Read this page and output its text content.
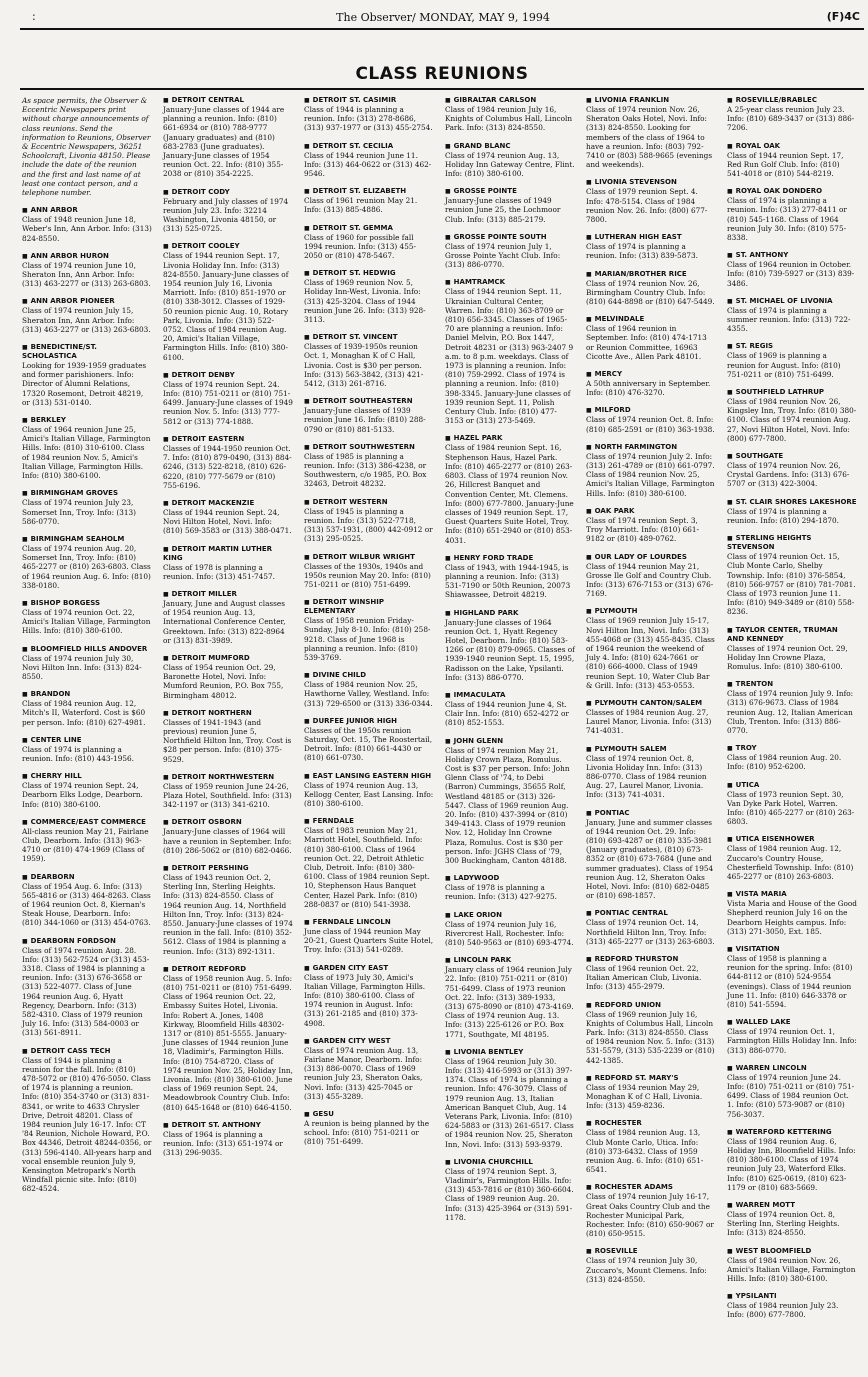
:	The Observer/ MONDAY, MAY 9, 1994	(F)4C
CLASS REUNIONS
As space permits, the Observer & Eccentric Newspapers print without charge announcements of class reunions. Send the information to Reunions, Observer & Eccentric Newspapers, 36251 Schoolcraft, Livonia 48150. Please include the date of the reunion and the first and last name of at least one contact person, and a telephone number.
■ ANN ARBOR
Class of 1948 reunion June 18, Weber's Inn, Ann Arbor. Info: (313) 824-8550.
■ ANN ARBOR HURON
Class of 1974 reunion June 10, Sheraton Inn, Ann Arbor. Info: (313) 463-2277 or (313) 263-6803.
■ ANN ARBOR PIONEER
Class of 1974 reunion July 15, Sheraton Inn, Ann Arbor. Info: (313) 463-2277 or (313) 263-6803.
■ BENEDICTINE/ST. SCHOLASTICA
Looking for 1939-1959 graduates and former parishioners. Info: Director of Alumni Relations, 17320 Rosemont, Detroit 48219, or (313) 531-0140.
■ BERKLEY
Class of 1964 reunion June 25, Amici's Italian Village, Farmington Hills. Info: (810) 310-6100. Class of 1984 reunion Nov. 5, Amici's Italian Village, Farmington Hills. Info: (810) 380-6100.
■ BIRMINGHAM GROVES
Class of 1974 reunion July 23, Somerset Inn, Troy. Info: (313) 586-0770.
■ BIRMINGHAM SEAHOLM
Class of 1974 reunion Aug. 20, Somerset Inn, Troy. Info: (810) 465-2277 or (810) 263-6803. Class of 1964 reunion Aug. 6. Info: (810) 338-0180.
■ BISHOP BORGESS
Class of 1974 reunion Oct. 22, Amici's Italian Village, Farmington Hills. Info: (810) 380-6100.
■ BLOOMFIELD HILLS ANDOVER
Class of 1974 reunion July 30, Novi Hilton Inn. Info: (313) 824-8550.
■ BRANDON
Class of 1984 reunion Aug. 12, Mitch's II, Waterford. Cost is $60 per person. Info: (810) 627-4981.
■ CENTER LINE
Class of 1974 is planning a reunion. Info: (810) 443-1956.
■ CHERRY HILL
Class of 1974 reunion Sept. 24, Dearborn Elks Lodge, Dearborn. Info: (810) 380-6100.
■ COMMERCE/EAST COMMERCE
All-class reunion May 21, Fairlane Club, Dearborn. Info: (313) 963-4710 or (810) 474-1969 (Class of 1959).
■ DEARBORN
Class of 1954 Aug. 6. Info: (313) 565-4816 or (313) 464-8263. Class of 1964 reunion Oct. 8, Kiernan's Steak House, Dearborn. Info: (810) 344-1060 or (313) 454-0763.
■ DEARBORN FORDSON
Class of 1974 reunion Aug. 28. Info: (313) 562-7524 or (313) 453-3318. Class of 1984 is planning a reunion. Info: (313) 676-3658 or (313) 522-4077. Class of June 1964 reunion Aug. 6, Hyatt Regency, Dearborn. Info: (313) 582-4310. Class of 1979 reunion July 16. Info: (313) 584-0003 or (313) 561-8911.
■ DETROIT CASS TECH
Class of 1944 is planning a reunion for the fall. Info: (810) 478-5072 or (810) 476-5050. Class of 1974 is planning a reunion. Info: (810) 354-3740 or (313) 831-8341, or write to 4633 Chrysler Drive, Detroit 48201. Class of 1984 reunion July 16-17. Info: CT '84 Reunion, Nichole Howard, P.O. Box 44346, Detroit 48244-0356, or (313) 596-4140. All-years harp and vocal ensemble reunion July 9, Kensington Metropark's North Windfall picnic site. Info: (810) 682-4524.
■ DETROIT CENTRAL
January-June classes of 1944 are planning a reunion. Info: (810) 661-6934 or (810) 788-9777 (January graduates) and (810) 683-2783 (June graduates). January-June classes of 1954 reunion Oct. 22. Info: (810) 355-2038 or (810) 354-2225.
■ DETROIT CODY
February and July classes of 1974 reunion July 23. Info: 32214 Washington, Livonia 48150, or (313) 525-0725.
■ DETROIT COOLEY
Class of 1944 reunion Sept. 17, Livonia Holiday Inn. Info: (313) 824-8550. January-June classes of 1954 reunion July 16, Livonia Marriott. Info: (810) 851-1970 or (810) 338-3012. Classes of 1929-50 reunion picnic Aug. 10, Rotary Park, Livonia. Info: (313) 522-0752. Class of 1984 reunion Aug. 20, Amici's Italian Village, Farmington Hills. Info: (810) 380-6100.
■ DETROIT DENBY
Class of 1974 reunion Sept. 24. Info: (810) 751-0211 or (810) 751-6499. January-June classes of 1949 reunion Nov. 5. Info: (313) 777-5812 or (313) 774-1888.
■ DETROIT EASTERN
Classes of 1944-1950 reunion Oct. 7. Info: (810) 879-0490, (313) 884-6246, (313) 522-8218, (810) 626-6220, (810) 777-5679 or (810) 755-6196.
■ DETROIT MACKENZIE
Class of 1944 reunion Sept. 24, Novi Hilton Hotel, Novi. Info: (810) 569-3583 or (313) 388-0471.
■ DETROIT MARTIN LUTHER KING
Class of 1978 is planning a reunion. Info: (313) 451-7457.
■ DETROIT MILLER
January, June and August classes of 1954 reunion Aug. 13, International Conference Center, Greektown. Info: (313) 822-8964 or (313) 831-3989.
■ DETROIT MUMFORD
Class of 1954 reunion Oct. 29, Baronette Hotel, Novi. Info: Mumford Reunion, P.O. Box 755, Birmingham 48012.
■ DETROIT NORTHERN
Classes of 1941-1943 (and previous) reunion June 5, Northfield Hilton Inn, Troy. Cost is $28 per person. Info: (810) 375-9529.
■ DETROIT NORTHWESTERN
Class of 1959 reunion June 24-26, Plaza Hotel, Southfield. Info: (313) 342-1197 or (313) 341-6210.
■ DETROIT OSBORN
January-June classes of 1964 will have a reunion in September. Info: (810) 286-5062 or (810) 682-0466.
■ DETROIT PERSHING
Class of 1943 reunion Oct. 2, Sterling Inn, Sterling Heights. Info: (313) 824-8550. Class of 1964 reunion Aug. 14, Northfield Hilton Inn, Troy. Info: (313) 824-8550. January-June classes of 1974 reunion in the fall. Info: (810) 352-5612. Class of 1984 is planning a reunion. Info: (313) 892-1311.
■ DETROIT REDFORD
Class of 1958 reunion Aug. 5. Info: (810) 751-0211 or (810) 751-6499. Class of 1964 reunion Oct. 22, Embassy Suites Hotel, Livonia. Info: Robert A. Jones, 1408 Kirkway, Bloomfield Hills 48302-1317 or (810) 851-5555. January-June classes of 1944 reunion June 18, Vladimir's, Farmington Hills. Info: (810) 754-8720. Class of 1974 reunion Nov. 25, Holiday Inn, Livonia. Info: (810) 380-6100. June class of 1969 reunion Sept. 24, Meadowbrook Country Club. Info: (810) 645-1648 or (810) 646-4150.
■ DETROIT ST. ANTHONY
Class of 1964 is planning a reunion. Info: (313) 651-1974 or (313) 296-9035.
■ DETROIT ST. CASIMIR
Class of 1944 is planning a reunion. Info: (313) 278-8686, (313) 937-1977 or (313) 455-2754.
■ DETROIT ST. CECILIA
Class of 1944 reunion June 11. Info: (313) 464-0622 or (313) 462-9546.
■ DETROIT ST. ELIZABETH
Class of 1961 reunion May 21. Info: (313) 885-4886.
■ DETROIT ST. GEMMA
Class of 1960 for possible fall 1994 reunion. Info: (313) 455-2050 or (810) 478-5467.
■ DETROIT ST. HEDWIG
Class of 1969 reunion Nov. 5, Holiday Inn-West, Livonia. Info: (313) 425-3204. Class of 1944 reunion June 26. Info: (313) 928-3113.
■ DETROIT ST. VINCENT
Classes of 1939-1950s reunion Oct. 1, Monaghan K of C Hall, Livonia. Cost is $30 per person. Info: (313) 563-3842, (313) 421-5412, (313) 261-8716.
■ DETROIT SOUTHEASTERN
January-June classes of 1939 reunion June 16. Info: (810) 288-0790 or (810) 881-5133.
■ DETROIT SOUTHWESTERN
Class of 1985 is planning a reunion. Info: (313) 386-4238, or Southwestern, c/o 1985, P.O. Box 32463, Detroit 48232.
■ DETROIT WESTERN
Class of 1945 is planning a reunion. Info: (313) 522-7718, (313) 537-1931, (800) 442-0912 or (313) 295-0525.
■ DETROIT WILBUR WRIGHT
Classes of the 1930s, 1940s and 1950s reunion May 20. Info: (810) 751-0211 or (810) 751-6499.
■ DETROIT WINSHIP ELEMENTARY
Class of 1958 reunion Friday-Sunday, July 8-10. Info: (810) 258-9218. Class of June 1968 is planning a reunion. Info: (810) 539-3769.
■ DIVINE CHILD
Class of 1984 reunion Nov. 25, Hawthorne Valley, Westland. Info: (313) 729-6500 or (313) 336-0344.
■ DURFEE JUNIOR HIGH
Classes of the 1950s reunion Saturday, Oct. 15, The Roostertail, Detroit. Info: (810) 661-4430 or (810) 661-0730.
■ EAST LANSING EASTERN HIGH
Class of 1974 reunion Aug. 13, Kellogg Center, East Lansing. Info: (810) 380-6100.
■ FERNDALE
Class of 1983 reunion May 21, Marriott Hotel, Southfield. Info: (810) 380-6100. Class of 1964 reunion Oct. 22, Detroit Athletic Club, Detroit. Info: (810) 380-6100. Class of 1984 reunion Sept. 10, Stephenson Haus Banquet Center, Hazel Park. Info: (810) 288-0837 or (810) 541-3938.
■ FERNDALE LINCOLN
June class of 1944 reunion May 20-21, Guest Quarters Suite Hotel, Troy. Info: (313) 541-0289.
■ GARDEN CITY EAST
Class of 1973 July 30, Amici's Italian Village, Farmington Hills. Info: (810) 380-6100. Class of 1974 reunion in August. Info: (313) 261-2185 and (810) 373-4908.
■ GARDEN CITY WEST
Class of 1974 reunion Aug. 13, Fairlane Manor, Dearborn. Info: (313) 886-0070. Class of 1969 reunion July 23, Sheraton Oaks, Novi. Info: (313) 425-7045 or (313) 455-3289.
■ GESU
A reunion is being planned by the school. Info: (810) 751-0211 or (810) 751-6499.
■ GIBRALTAR CARLSON
Class of 1984 reunion July 16, Knights of Columbus Hall, Lincoln Park. Info: (313) 824-8550.
■ GRAND BLANC
Class of 1974 reunion Aug. 13, Holiday Inn Gateway Centre, Flint. Info: (810) 380-6100.
■ GROSSE POINTE
January-June classes of 1949 reunion June 25, the Lochmoor Club. Info: (313) 885-2179.
■ GROSSE POINTE SOUTH
Class of 1974 reunion July 1, Grosse Pointe Yacht Club. Info: (313) 886-0770.
■ HAMTRAMCK
Class of 1944 reunion Sept. 11, Ukrainian Cultural Center, Warren. Info: (810) 363-8709 or (810) 656-3345. Classes of 1965-70 are planning a reunion. Info: Daniel Melvin, P.O. Box 1447, Detroit 48231 or (313) 963-2407 9 a.m. to 8 p.m. weekdays. Class of 1973 is planning a reunion. Info: (810) 759-2992. Class of 1974 is planning a reunion. Info: (810) 398-3345. January-June classes of 1939 reunion Sept. 11, Polish Century Club. Info: (810) 477-3153 or (313) 273-5469.
■ HAZEL PARK
Class of 1984 reunion Sept. 16, Stephenson Haus, Hazel Park. Info: (810) 465-2277 or (810) 263-6803. Class of 1974 reunion Nov. 26, Hillcrest Banquet and Convention Center, Mt. Clemens. Info: (800) 677-7800. January-June classes of 1949 reunion Sept. 17, Guest Quarters Suite Hotel, Troy. Info: (810) 651-2940 or (810) 853-4031.
■ HENRY FORD TRADE
Class of 1943, with 1944-1945, is planning a reunion. Info: (313) 531-7190 or 50th Reunion, 20073 Shiawassee, Detroit 48219.
■ HIGHLAND PARK
January-June classes of 1964 reunion Oct. 1, Hyatt Regency Hotel, Dearborn. Info: (810) 583-1266 or (810) 879-0965. Classes of 1939-1940 reunion Sept. 15, 1995, Radisson on the Lake, Ypsilanti. Info: (313) 886-0770.
■ IMMACULATA
Class of 1944 reunion June 4, St. Clair Inn. Info: (810) 652-4272 or (810) 852-1553.
■ JOHN GLENN
Class of 1974 reunion May 21, Holiday Crown Plaza, Romulus. Cost is $37 per person. Info: John Glenn Class of '74, to Debi (Barron) Cummings, 35655 Rolf, Westland 48185 or (313) 326-5447. Class of 1969 reunion Aug. 20. Info: (810) 437-3994 or (810) 349-4143. Class of 1979 reunion Nov. 12, Holiday Inn Crowne Plaza, Romulus. Cost is $30 per person. Info: JGHS Class of '79, 300 Buckingham, Canton 48188.
■ LADYWOOD
Class of 1978 is planning a reunion. Info: (313) 427-9275.
■ LAKE ORION
Class of 1974 reunion July 16, Rivercrest Hall, Rochester. Info: (810) 540-9563 or (810) 693-4774.
■ LINCOLN PARK
January class of 1964 reunion July 22. Info: (810) 751-0211 or (810) 751-6499. Class of 1973 reunion Oct. 22. Info: (313) 389-1933, (313) 675-8090 or (810) 473-4169. Class of 1974 reunion Aug. 13. Info: (313) 225-6126 or P.O. Box 1771, Southgate, MI 48195.
■ LIVONIA BENTLEY
Class of 1964 reunion July 30. Info: (313) 416-5993 or (313) 397-1374. Class of 1974 is planning a reunion. Info: 476-3079. Class of 1979 reunion Aug. 13, Italian American Banquet Club, Aug. 14 Veterans Park, Livonia. Info: (810) 624-5883 or (313) 261-6517. Class of 1984 reunion Nov. 25, Sheraton Inn, Novi. Info: (313) 593-9379.
■ LIVONIA CHURCHILL
Class of 1974 reunion Sept. 3, Vladimir's, Farmington Hills. Info: (313) 453-7816 or (810) 360-6604. Class of 1989 reunion Aug. 20. Info: (313) 425-3964 or (313) 591-1178.
■ LIVONIA FRANKLIN
Class of 1974 reunion Nov. 26, Sheraton Oaks Hotel, Novi. Info: (313) 824-8550. Looking for members of the class of 1964 to have a reunion. Info: (803) 792-7410 or (803) 588-9665 (evenings and weekends).
■ LIVONIA STEVENSON
Class of 1979 reunion Sept. 4. Info: 478-5154. Class of 1984 reunion Nov. 26. Info: (800) 677-7800.
■ LUTHERAN HIGH EAST
Class of 1974 is planning a reunion. Info: (313) 839-5873.
■ MARIAN/BROTHER RICE
Class of 1974 reunion Nov. 26, Birmingham Country Club. Info: (810) 644-8898 or (810) 647-5449.
■ MELVINDALE
Class of 1964 reunion in September. Info: (810) 474-1713 or Reunion Committee, 16963 Cicotte Ave., Allen Park 48101.
■ MERCY
A 50th anniversary in September. Info: (810) 476-3270.
■ MILFORD
Class of 1974 reunion Oct. 8. Info: (810) 685-2591 or (810) 363-1938.
■ NORTH FARMINGTON
Class of 1974 reunion July 2. Info: (313) 261-4789 or (810) 661-0797. Class of 1984 reunion Nov. 25, Amici's Italian Village, Farmington Hills. Info: (810) 380-6100.
■ OAK PARK
Class of 1974 reunion Sept. 3, Troy Marriott. Info: (810) 661-9182 or (810) 489-0762.
■ OUR LADY OF LOURDES
Class of 1944 reunion May 21, Grosse Ile Golf and Country Club. Info: (313) 676-7153 or (313) 676-7169.
■ PLYMOUTH
Class of 1969 reunion July 15-17, Novi Hilton Inn, Novi. Info: (313) 455-4068 or (313) 455-8435. Class of 1964 reunion the weekend of July 4. Info: (810) 624-7661 or (810) 666-4000. Class of 1949 reunion Sept. 10, Water Club Bar & Grill. Info: (313) 453-0553.
■ PLYMOUTH CANTON/SALEM
Classes of 1984 reunion Aug. 27, Laurel Manor, Livonia. Info: (313) 741-4031.
■ PLYMOUTH SALEM
Class of 1974 reunion Oct. 8, Livonia Holiday Inn. Info: (313) 886-0770. Class of 1984 reunion Aug. 27, Laurel Manor, Livonia. Info: (313) 741-4031.
■ PONTIAC
January, June and summer classes of 1944 reunion Oct. 29. Info: (810) 693-4287 or (810) 335-3981 (January graduates), (810) 673-8352 or (810) 673-7684 (June and summer graduates). Class of 1954 reunion Aug. 12, Sheraton Oaks Hotel, Novi. Info: (810) 682-0485 or (810) 698-1857.
■ PONTIAC CENTRAL
Class of 1974 reunion Oct. 14, Northfield Hilton Inn, Troy. Info: (313) 465-2277 or (313) 263-6803.
■ REDFORD THURSTON
Class of 1964 reunion Oct. 22, Italian American Club, Livonia. Info: (313) 455-2979.
■ REDFORD UNION
Class of 1969 reunion July 16, Knights of Columbus Hall, Lincoln Park. Info: (313) 824-8550. Class of 1984 reunion Nov. 5. Info: (313) 531-5579, (313) 535-2239 or (810) 442-1385.
■ REDFORD ST. MARY'S
Class of 1934 reunion May 29, Monaghan K of C Hall, Livonia. Info: (313) 459-8236.
■ ROCHESTER
Class of 1984 reunion Aug. 13, Club Monte Carlo, Utica. Info: (810) 373-6432. Class of 1959 reunion Aug. 6. Info: (810) 651-6541.
■ ROCHESTER ADAMS
Class of 1974 reunion July 16-17, Great Oaks Country Club and the Rochester Municipal Park, Rochester. Info: (810) 650-9067 or (810) 650-9515.
■ ROSEVILLE
Class of 1974 reunion July 30, Zuccaro's, Mount Clemens. Info: (313) 824-8550.
■ ROSEVILLE/BRABLEC
A 25-year class reunion July 23. Info: (810) 689-3437 or (313) 886-7206.
■ ROYAL OAK
Class of 1944 reunion Sept. 17, Red Run Golf Club. Info: (810) 541-4018 or (810) 544-8219.
■ ROYAL OAK DONDERO
Class of 1974 is planning a reunion. Info: (313) 277-8411 or (810) 545-1168. Class of 1964 reunion July 30. Info: (810) 575-8338.
■ ST. ANTHONY
Class of 1964 reunion in October. Info: (810) 739-5927 or (313) 839-3486.
■ ST. MICHAEL OF LIVONIA
Class of 1974 is planning a summer reunion. Info: (313) 722-4355.
■ ST. REGIS
Class of 1969 is planning a reunion for August. Info: (810) 751-0211 or (810) 751-6499.
■ SOUTHFIELD LATHRUP
Class of 1984 reunion Nov. 26, Kingsley Inn, Troy. Info: (810) 380-6100. Class of 1974 reunion Aug. 27, Novi Hilton Hotel, Novi. Info: (800) 677-7800.
■ SOUTHGATE
Class of 1974 reunion Nov. 26, Crystal Gardens. Info: (313) 676-5707 or (313) 422-3004.
■ ST. CLAIR SHORES LAKESHORE
Class of 1974 is planning a reunion. Info: (810) 294-1870.
■ STERLING HEIGHTS STEVENSON
Class of 1974 reunion Oct. 15, Club Monte Carlo, Shelby Township. Info: (810) 376-5854, (810) 566-9757 or (810) 781-7081. Class of 1973 reunion June 11. Info: (810) 949-3489 or (810) 558-8236.
■ TAYLOR CENTER, TRUMAN AND KENNEDY
Classes of 1974 reunion Oct. 29, Holiday Inn Crowne Plaza, Romulus. Info: (810) 380-6100.
■ TRENTON
Class of 1974 reunion July 9. Info: (313) 676-9673. Class of 1984 reunion Aug. 12, Italian American Club, Trenton. Info: (313) 886-0770.
■ TROY
Class of 1984 reunion Aug. 20. Info: (810) 952-6200.
■ UTICA
Class of 1973 reunion Sept. 30, Van Dyke Park Hotel, Warren. Info: (810) 465-2277 or (810) 263-6803.
■ UTICA EISENHOWER
Class of 1984 reunion Aug. 12, Zuccaro's Country House, Chesterfield Township. Info: (810) 465-2277 or (810) 263-6803.
■ VISTA MARIA
Vista Maria and House of the Good Shepherd reunion July 16 on the Dearborn Heights campus. Info: (313) 271-3050, Ext. 185.
■ VISITATION
Class of 1958 is planning a reunion for the spring. Info: (810) 644-8112 or (810) 524-9554 (evenings). Class of 1944 reunion June 11. Info: (810) 646-3378 or (810) 541-5594.
■ WALLED LAKE
Class of 1974 reunion Oct. 1, Farmington Hills Holiday Inn. Info: (313) 886-0770.
■ WARREN LINCOLN
Class of 1974 reunion June 24. Info: (810) 751-0211 or (810) 751-6499. Class of 1984 reunion Oct. 1. Info: (810) 573-9087 or (810) 756-3037.
■ WATERFORD KETTERING
Class of 1984 reunion Aug. 6, Holiday Inn, Bloomfield Hills. Info: (810) 380-6100. Class of 1974 reunion July 23, Waterford Elks. Info: (810) 625-0619, (810) 623-1179 or (810) 683-5669.
■ WARREN MOTT
Class of 1974 reunion Oct. 8, Sterling Inn, Sterling Heights. Info: (313) 824-8550.
■ WEST BLOOMFIELD
Class of 1984 reunion Nov. 26, Amici's Italian Village, Farmington Hills. Info: (810) 380-6100.
■ YPSILANTI
Class of 1984 reunion July 23. Info: (800) 677-7800.
